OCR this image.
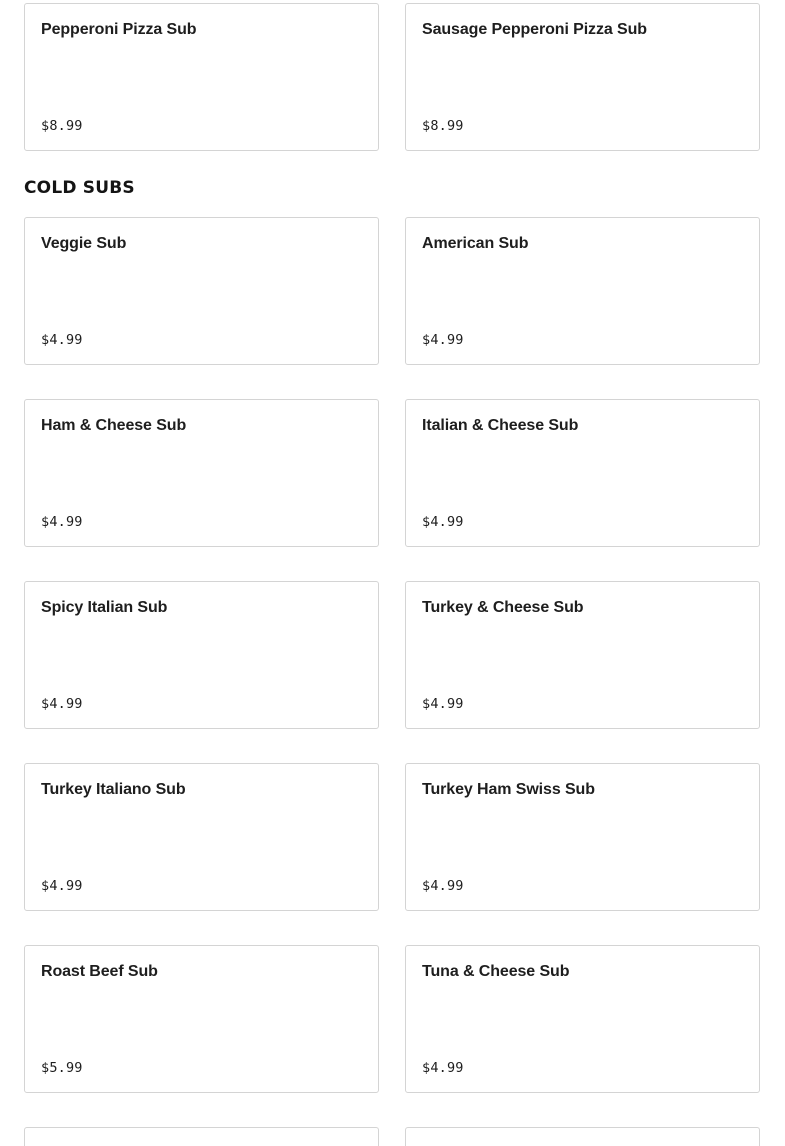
Pepperoni Pizza Sub
$8.99
Sausage Pepperoni Pizza Sub
$8.99
COLD SUBS
Veggie Sub
$4.99
American Sub
$4.99
Ham & Cheese Sub
$4.99
Italian & Cheese Sub
$4.99
Spicy Italian Sub
$4.99
Turkey & Cheese Sub
$4.99
Turkey Italiano Sub
$4.99
Turkey Ham Swiss Sub
$4.99
Roast Beef Sub
$5.99
Tuna & Cheese Sub
$4.99
